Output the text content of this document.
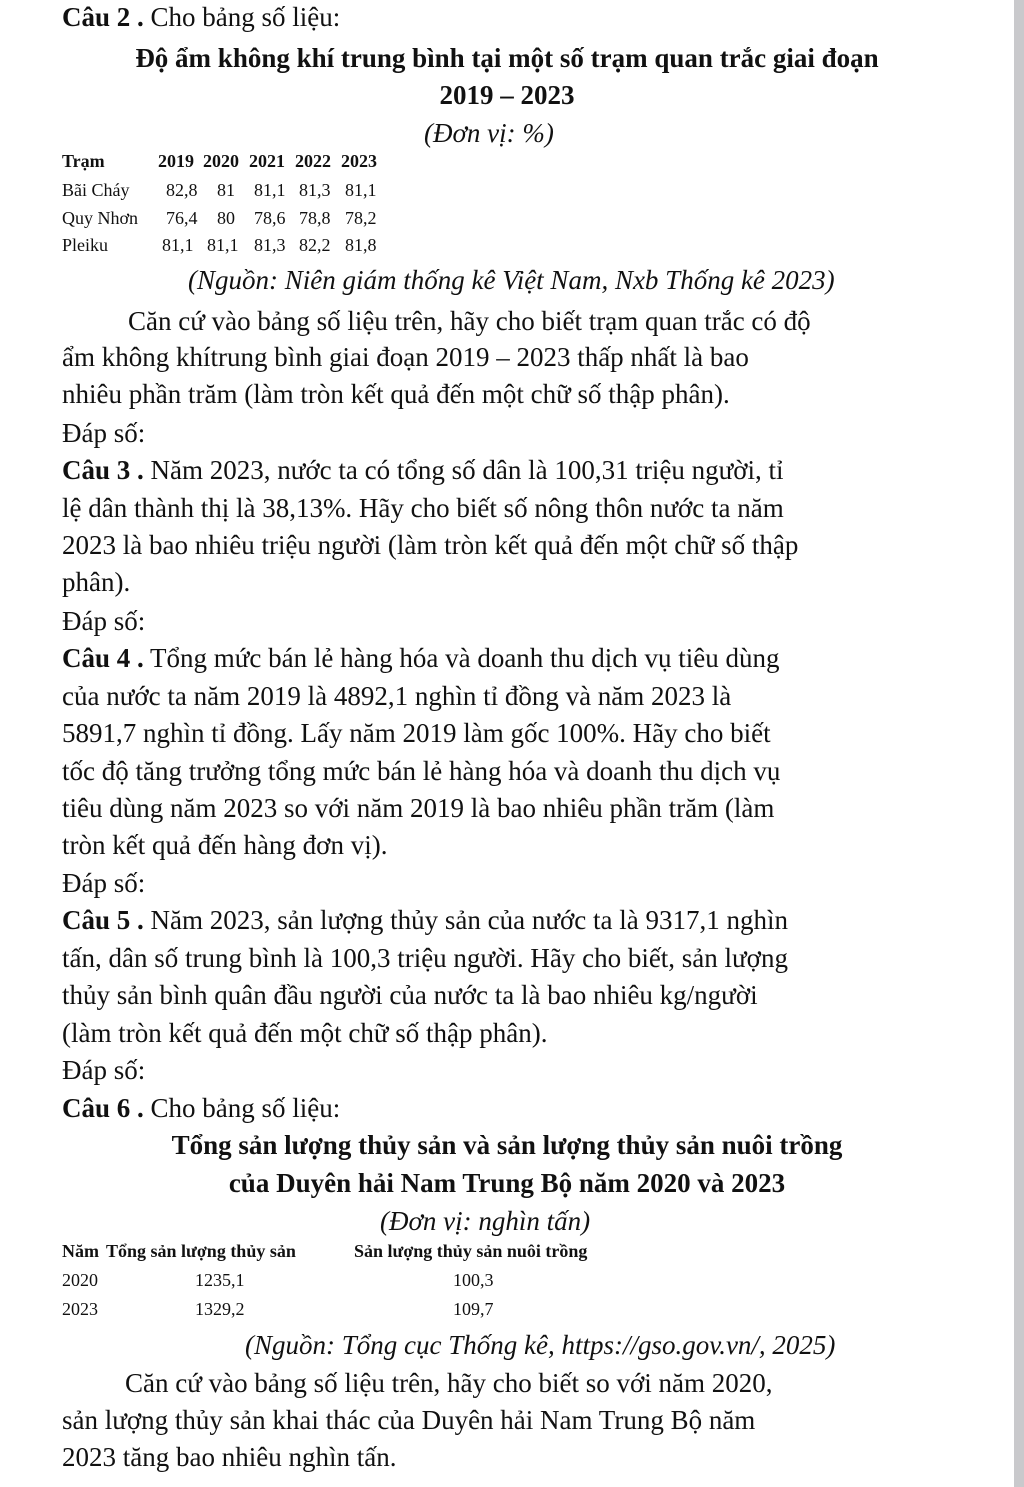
Câu 2 . Cho bảng số liệu:
Độ ẩm không khí trung bình tại một số trạm quan trắc giai đoạn
2019 – 2023
(Đơn vị: %)
Trạm	2019 2020 2021 2022 2023
Bãi Cháy 82,8 81 81,1 81,3 81,1
Quy Nhơn 76,4 80 78,6 78,8 78,2
Pleiku	81,1 81,1 81,3 82,2 81,8
(Nguồn: Niên giám thống kê Việt Nam, Nxb Thống kê 2023)
Căn cứ vào bảng số liệu trên, hãy cho biết trạm quan trắc có độ
ẩm không khítrung bình giai đoạn 2019 – 2023 thấp nhất là bao
nhiêu phần trăm (làm tròn kết quả đến một chữ số thập phân).
Đáp số:
Câu 3 . Năm 2023, nước ta có tổng số dân là 100,31 triệu người, tỉ
lệ dân thành thị là 38,13%. Hãy cho biết số nông thôn nước ta năm
2023 là bao nhiêu triệu người (làm tròn kết quả đến một chữ số thập
phân).
Đáp số:
Câu 4 . Tổng mức bán lẻ hàng hóa và doanh thu dịch vụ tiêu dùng
của nước ta năm 2019 là 4892,1 nghìn tỉ đồng và năm 2023 là
5891,7 nghìn tỉ đồng. Lấy năm 2019 làm gốc 100%. Hãy cho biết
tốc độ tăng trưởng tổng mức bán lẻ hàng hóa và doanh thu dịch vụ
tiêu dùng năm 2023 so với năm 2019 là bao nhiêu phần trăm (làm
tròn kết quả đến hàng đơn vị).
Đáp số:
Câu 5 . Năm 2023, sản lượng thủy sản của nước ta là 9317,1 nghìn
tấn, dân số trung bình là 100,3 triệu người. Hãy cho biết, sản lượng
thủy sản bình quân đầu người của nước ta là bao nhiêu kg/người
(làm tròn kết quả đến một chữ số thập phân).
Đáp số:
Câu 6 . Cho bảng số liệu:
Tổng sản lượng thủy sản và sản lượng thủy sản nuôi trồng
của Duyên hải Nam Trung Bộ năm 2020 và 2023
(Đơn vị: nghìn tấn)
Năm Tổng sản lượng thủy sản	Sản lượng thủy sản nuôi trồng
2020	1235,1	100,3
2023	1329,2	109,7
(Nguồn: Tổng cục Thống kê, https://gso.gov.vn/, 2025)
Căn cứ vào bảng số liệu trên, hãy cho biết so với năm 2020,
sản lượng thủy sản khai thác của Duyên hải Nam Trung Bộ năm
2023 tăng bao nhiêu nghìn tấn.
